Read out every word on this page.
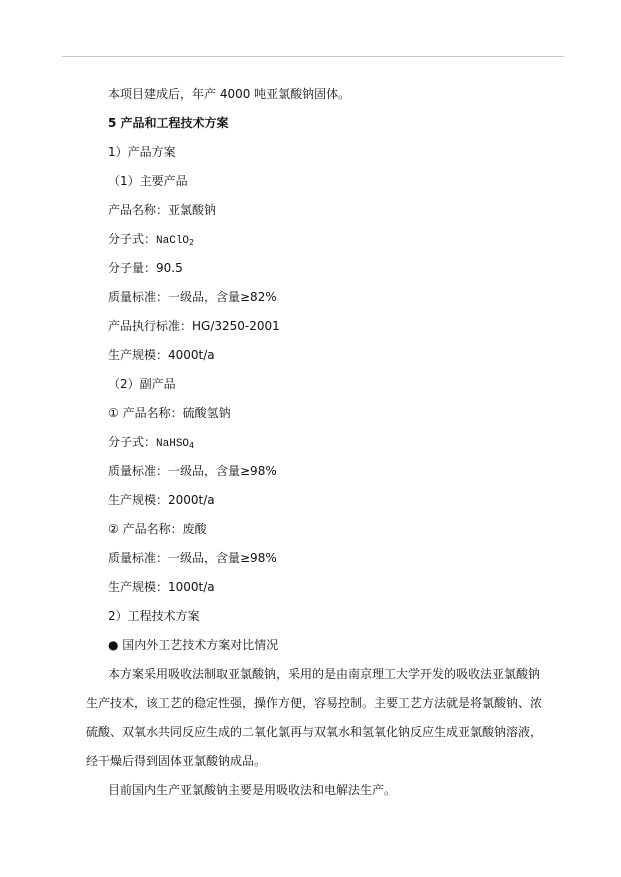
本项目建成后，年产 4000 吨亚氯酸钠固体。
5 产品和工程技术方案
1）产品方案
（1）主要产品
产品名称：亚氯酸钠
分子式：NaClO$_2$
分子量：90.5
质量标准：一级品，含量≥82%
产品执行标准：HG/3250-2001
生产规模：4000t/a
（2）副产品
① 产品名称：硫酸氢钠
分子式：NaHSO$_4$
质量标准：一级品，含量≥98%
生产规模：2000t/a
② 产品名称：废酸
质量标准：一级品，含量≥98%
生产规模：1000t/a
2）工程技术方案
● 国内外工艺技术方案对比情况
本方案采用吸收法制取亚氯酸钠，采用的是由南京理工大学开发的吸收法亚氯酸钠
生产技术，该工艺的稳定性强，操作方便，容易控制。主要工艺方法就是将氯酸钠、浓
硫酸、双氧水共同反应生成的二氧化氯再与双氧水和氢氧化钠反应生成亚氯酸钠溶液，
经干燥后得到固体亚氯酸钠成品。
目前国内生产亚氯酸钠主要是用吸收法和电解法生产。
